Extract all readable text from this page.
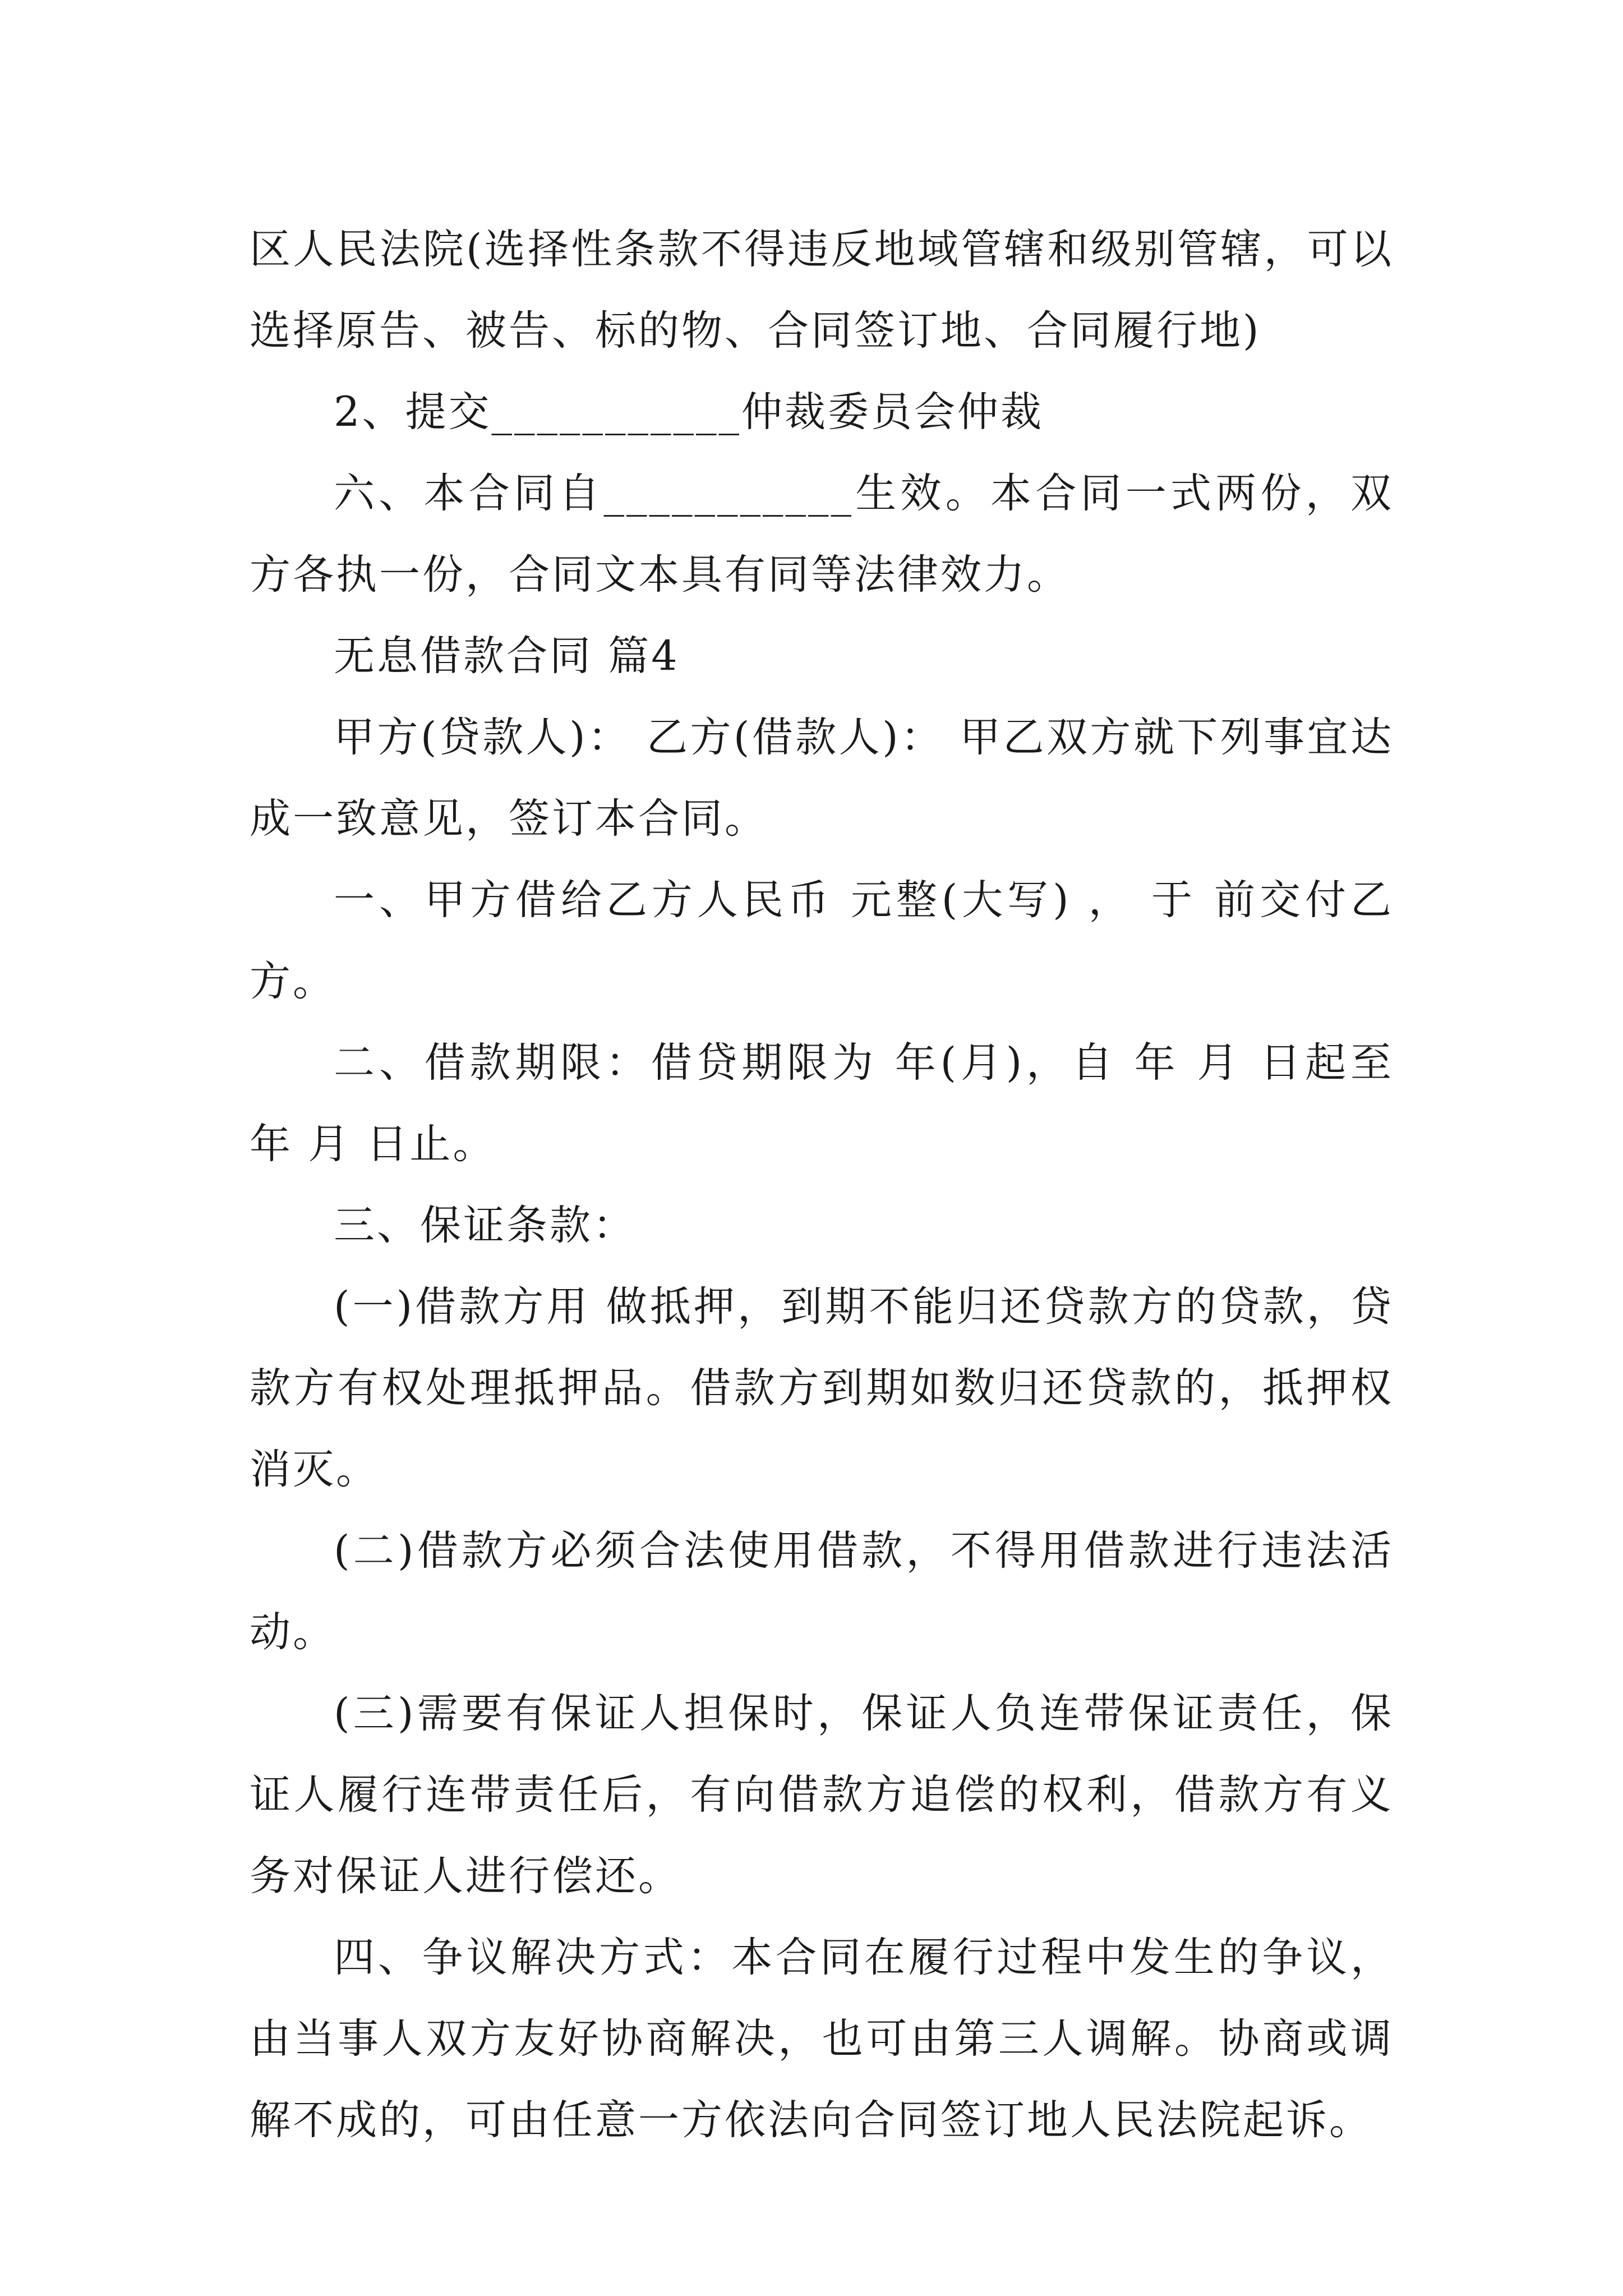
区人民法院(选择性条款不得违反地域管辖和级别管辖，可以选择原告、被告、标的物、合同签订地、合同履行地)

2、提交___________仲裁委员会仲裁

六、本合同自___________生效。本合同一式两份，双方各执一份，合同文本具有同等法律效力。

无息借款合同 篇4

甲方(贷款人)： 乙方(借款人)： 甲乙双方就下列事宜达成一致意见，签订本合同。

一、甲方借给乙方人民币 元整(大写) ， 于 前交付乙方。

二、借款期限：借贷期限为 年(月)，自 年 月 日起至 年 月 日止。

三、保证条款：

(一)借款方用 做抵押，到期不能归还贷款方的贷款，贷款方有权处理抵押品。借款方到期如数归还贷款的，抵押权消灭。

(二)借款方必须合法使用借款，不得用借款进行违法活动。

(三)需要有保证人担保时，保证人负连带保证责任，保证人履行连带责任后，有向借款方追偿的权利，借款方有义务对保证人进行偿还。

四、争议解决方式：本合同在履行过程中发生的争议，由当事人双方友好协商解决，也可由第三人调解。协商或调解不成的，可由任意一方依法向合同签订地人民法院起诉。
